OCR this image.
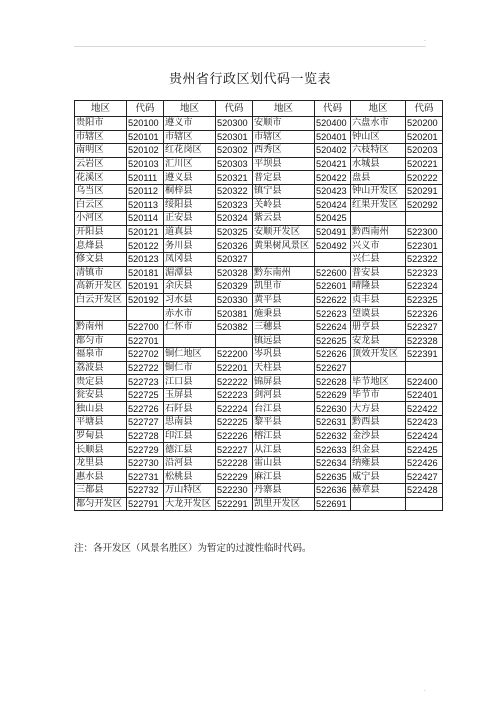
·
·
贵州省行政区划代码一览表
地区	代码	地区	代码	地区	代码	地区	代码
贵阳市	520100	遵义市	520300	安顺市	520400	六盘水市	520200
市辖区	520101	市辖区	520301	市辖区	520401	钟山区	520201
南明区	520102	红花岗区	520302	西秀区	520402	六枝特区	520203
云岩区	520103	汇川区	520303	平坝县	520421	水城县	520221
花溪区	520111	遵义县	520321	普定县	520422	盘县	520222
乌当区	520112	桐梓县	520322	镇宁县	520423	钟山开发区	520291
白云区	520113	绥阳县	520323	关岭县	520424	红果开发区	520292
小河区	520114	正安县	520324	紫云县	520425		
开阳县	520121	道真县	520325	安顺开发区	520491	黔西南州	522300
息烽县	520122	务川县	520326	黄果树风景区	520492	兴义市	522301
修文县	520123	凤冈县	520327			兴仁县	522322
清镇市	520181	湄潭县	520328	黔东南州	522600	普安县	522323
高新开发区	520191	余庆县	520329	凯里市	522601	晴隆县	522324
白云开发区	520192	习水县	520330	黄平县	522622	贞丰县	522325
		赤水市	520381	施秉县	522623	望谟县	522326
黔南州	522700	仁怀市	520382	三穗县	522624	册亨县	522327
都匀市	522701			镇远县	522625	安龙县	522328
福泉市	522702	铜仁地区	522200	岑巩县	522626	顶效开发区	522391
荔波县	522722	铜仁市	522201	天柱县	522627		
贵定县	522723	江口县	522222	锦屏县	522628	毕节地区	522400
瓮安县	522725	玉屏县	522223	剑河县	522629	毕节市	522401
独山县	522726	石阡县	522224	台江县	522630	大方县	522422
平塘县	522727	思南县	522225	黎平县	522631	黔西县	522423
罗甸县	522728	印江县	522226	榕江县	522632	金沙县	522424
长顺县	522729	德江县	522227	从江县	522633	织金县	522425
龙里县	522730	沿河县	522228	雷山县	522634	纳雍县	522426
惠水县	522731	松桃县	522229	麻江县	522635	威宁县	522427
三都县	522732	万山特区	522230	丹寨县	522636	赫章县	522428
都匀开发区	522791	大龙开发区	522291	凯里开发区	522691		
注：各开发区（风景名胜区）为暂定的过渡性临时代码。
